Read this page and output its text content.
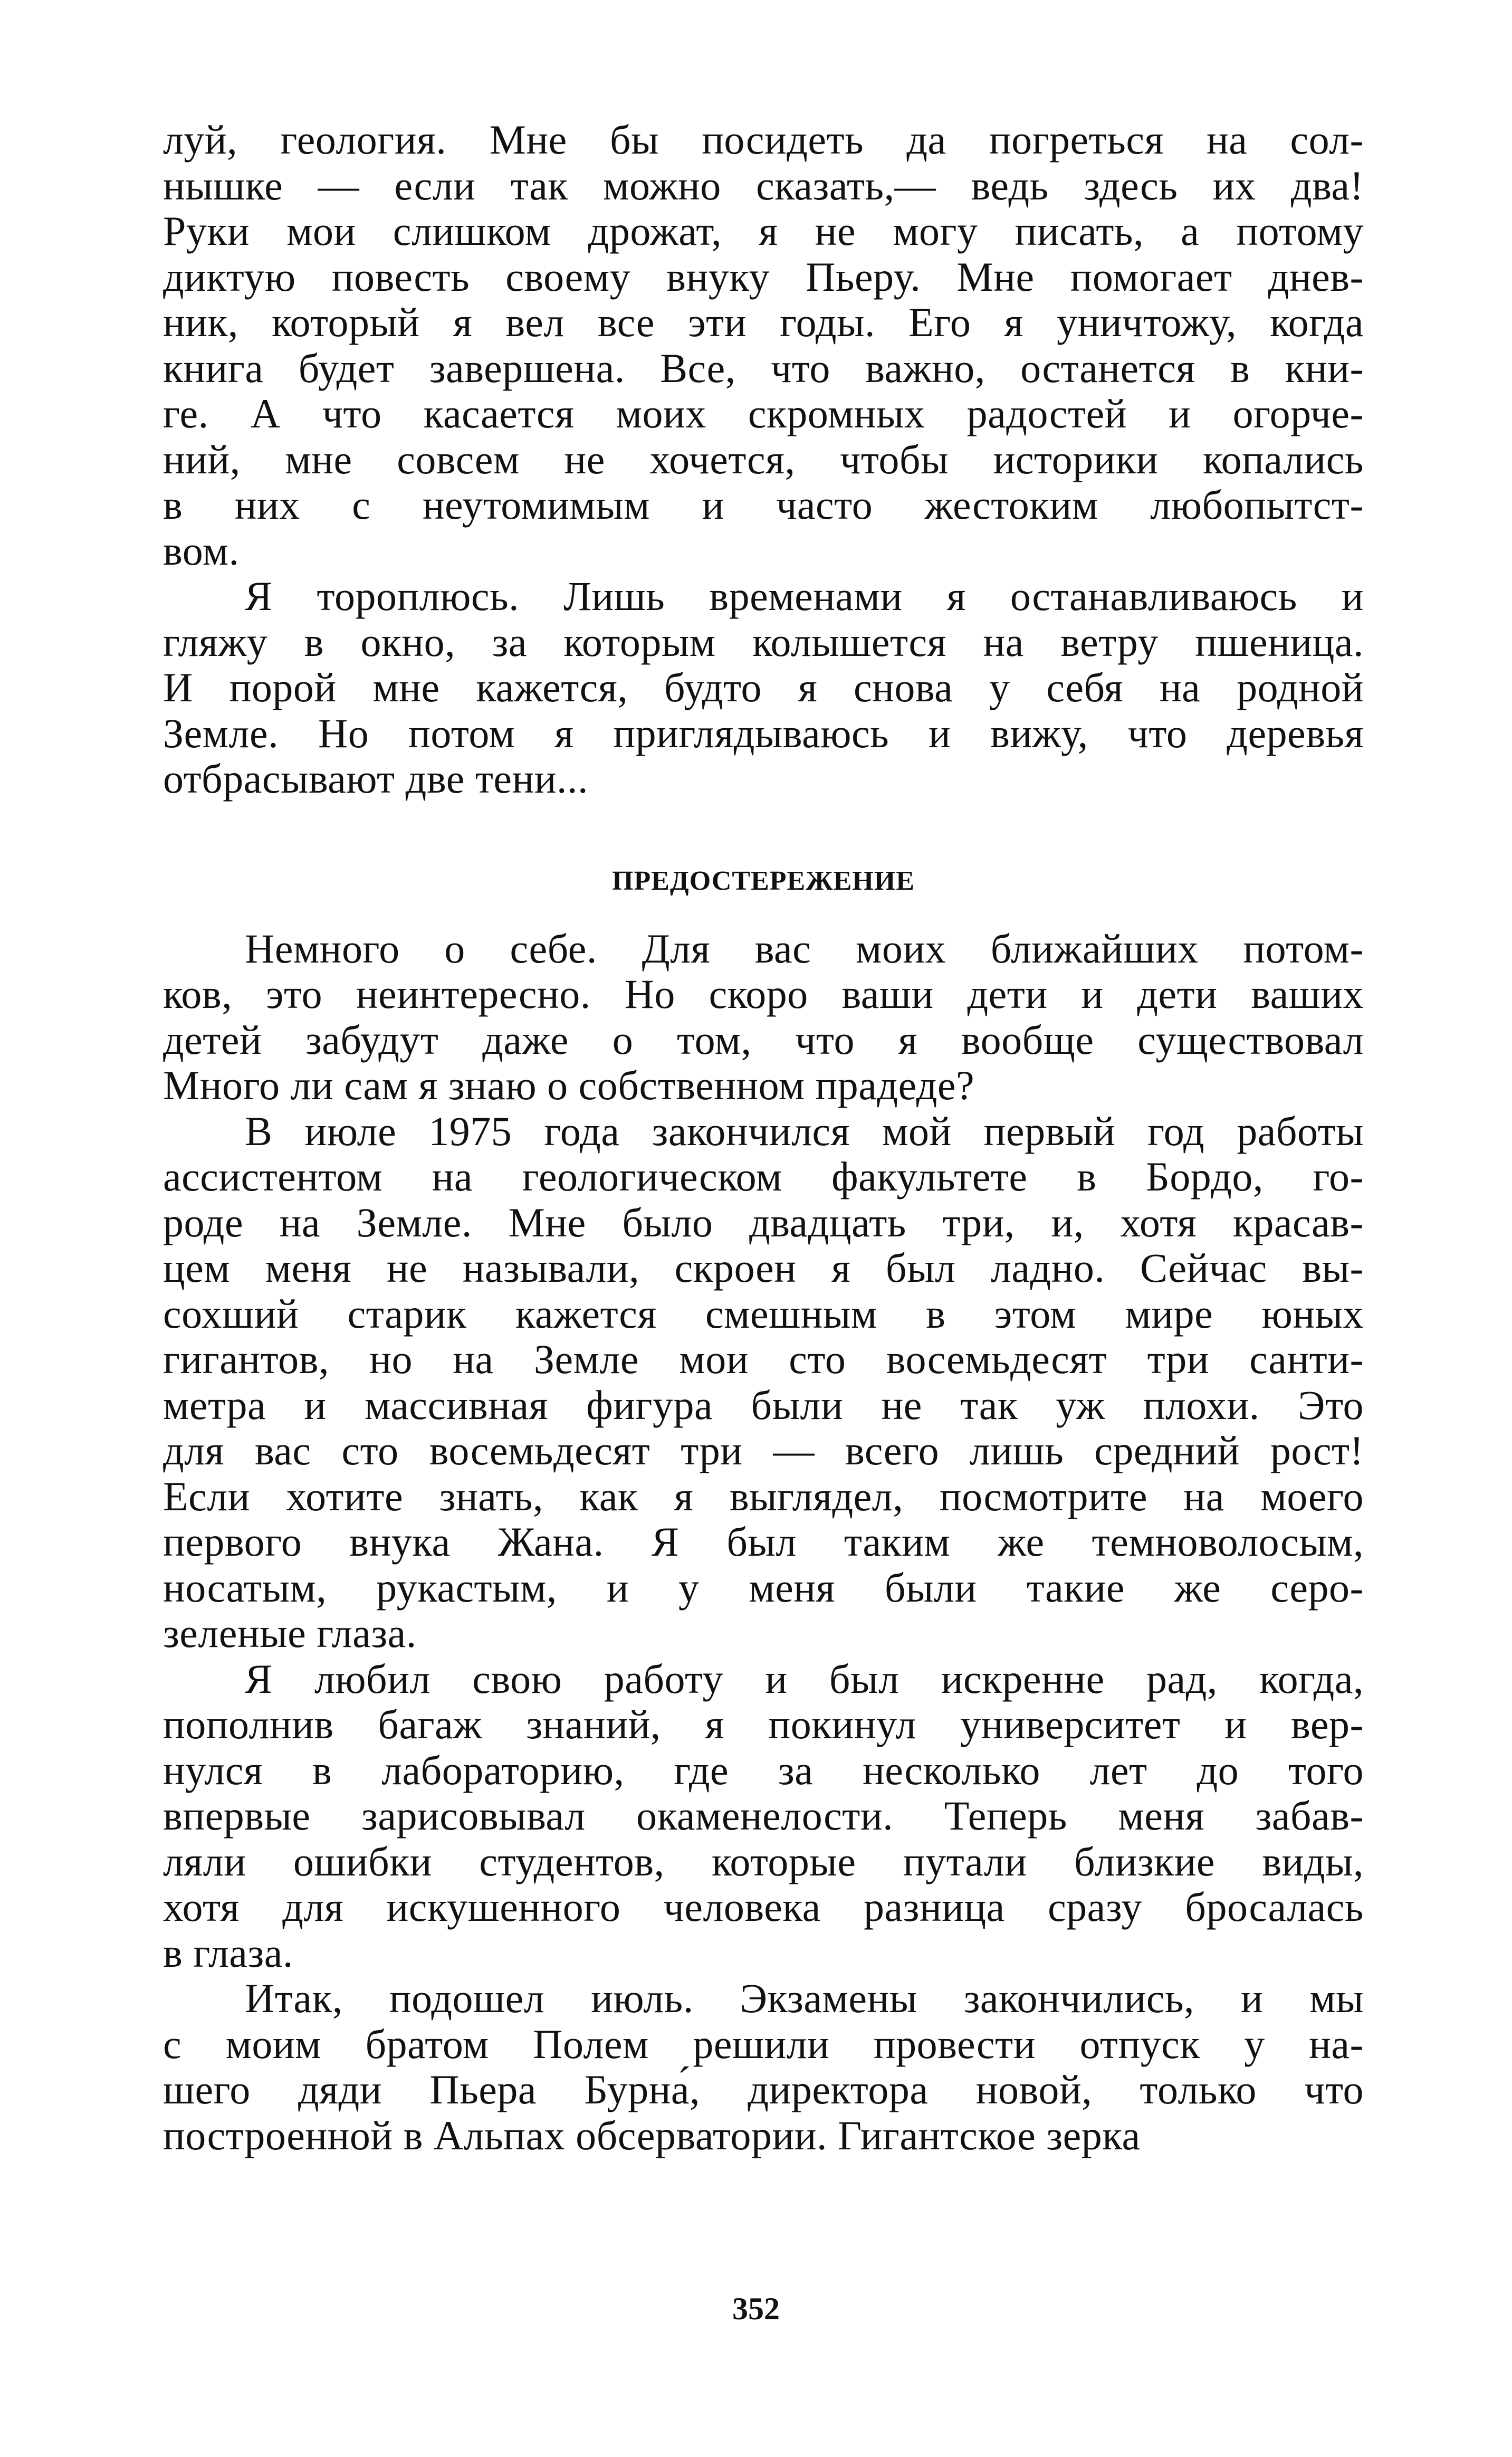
луй, геология. Мне бы посидеть да погреться на сол-
нышке — если так можно сказать,— ведь здесь их два!
Руки мои слишком дрожат, я не могу писать, а потому
диктую повесть своему внуку Пьеру. Мне помогает днев-
ник, который я вел все эти годы. Его я уничтожу, когда
книга будет завершена. Все, что важно, останется в кни-
ге. А что касается моих скромных радостей и огорче-
ний, мне совсем не хочется, чтобы историки копались
в них с неутомимым и часто жестоким любопытст-
вом.
Я тороплюсь. Лишь временами я останавливаюсь и
гляжу в окно, за которым колышется на ветру пшеница.
И порой мне кажется, будто я снова у себя на родной
Земле. Но потом я приглядываюсь и вижу, что деревья
отбрасывают две тени...
ПРЕДОСТЕРЕЖЕНИЕ
Немного о себе. Для вас моих ближайших потом-
ков, это неинтересно. Но скоро ваши дети и дети ваших
детей забудут даже о том, что я вообще существовал
Много ли сам я знаю о собственном прадеде?
В июле 1975 года закончился мой первый год работы
ассистентом на геологическом факультете в Бордо, го-
роде на Земле. Мне было двадцать три, и, хотя красав-
цем меня не называли, скроен я был ладно. Сейчас вы-
сохший старик кажется смешным в этом мире юных
гигантов, но на Земле мои сто восемьдесят три санти-
метра и массивная фигура были не так уж плохи. Это
для вас сто восемьдесят три — всего лишь средний рост!
Если хотите знать, как я выглядел, посмотрите на моего
первого внука Жана. Я был таким же темноволосым,
носатым, рукастым, и у меня были такие же серо-
зеленые глаза.
Я любил свою работу и был искренне рад, когда,
пополнив багаж знаний, я покинул университет и вер-
нулся в лабораторию, где за несколько лет до того
впервые зарисовывал окаменелости. Теперь меня забав-
ляли ошибки студентов, которые путали близкие виды,
хотя для искушенного человека разница сразу бросалась
в глаза.
Итак, подошел июль. Экзамены закончились, и мы
с моим братом Полем решили провести отпуск у на-
шего дяди Пьера Бурна́, директора новой, только что
построенной в Альпах обсерватории. Гигантское зерка
352
